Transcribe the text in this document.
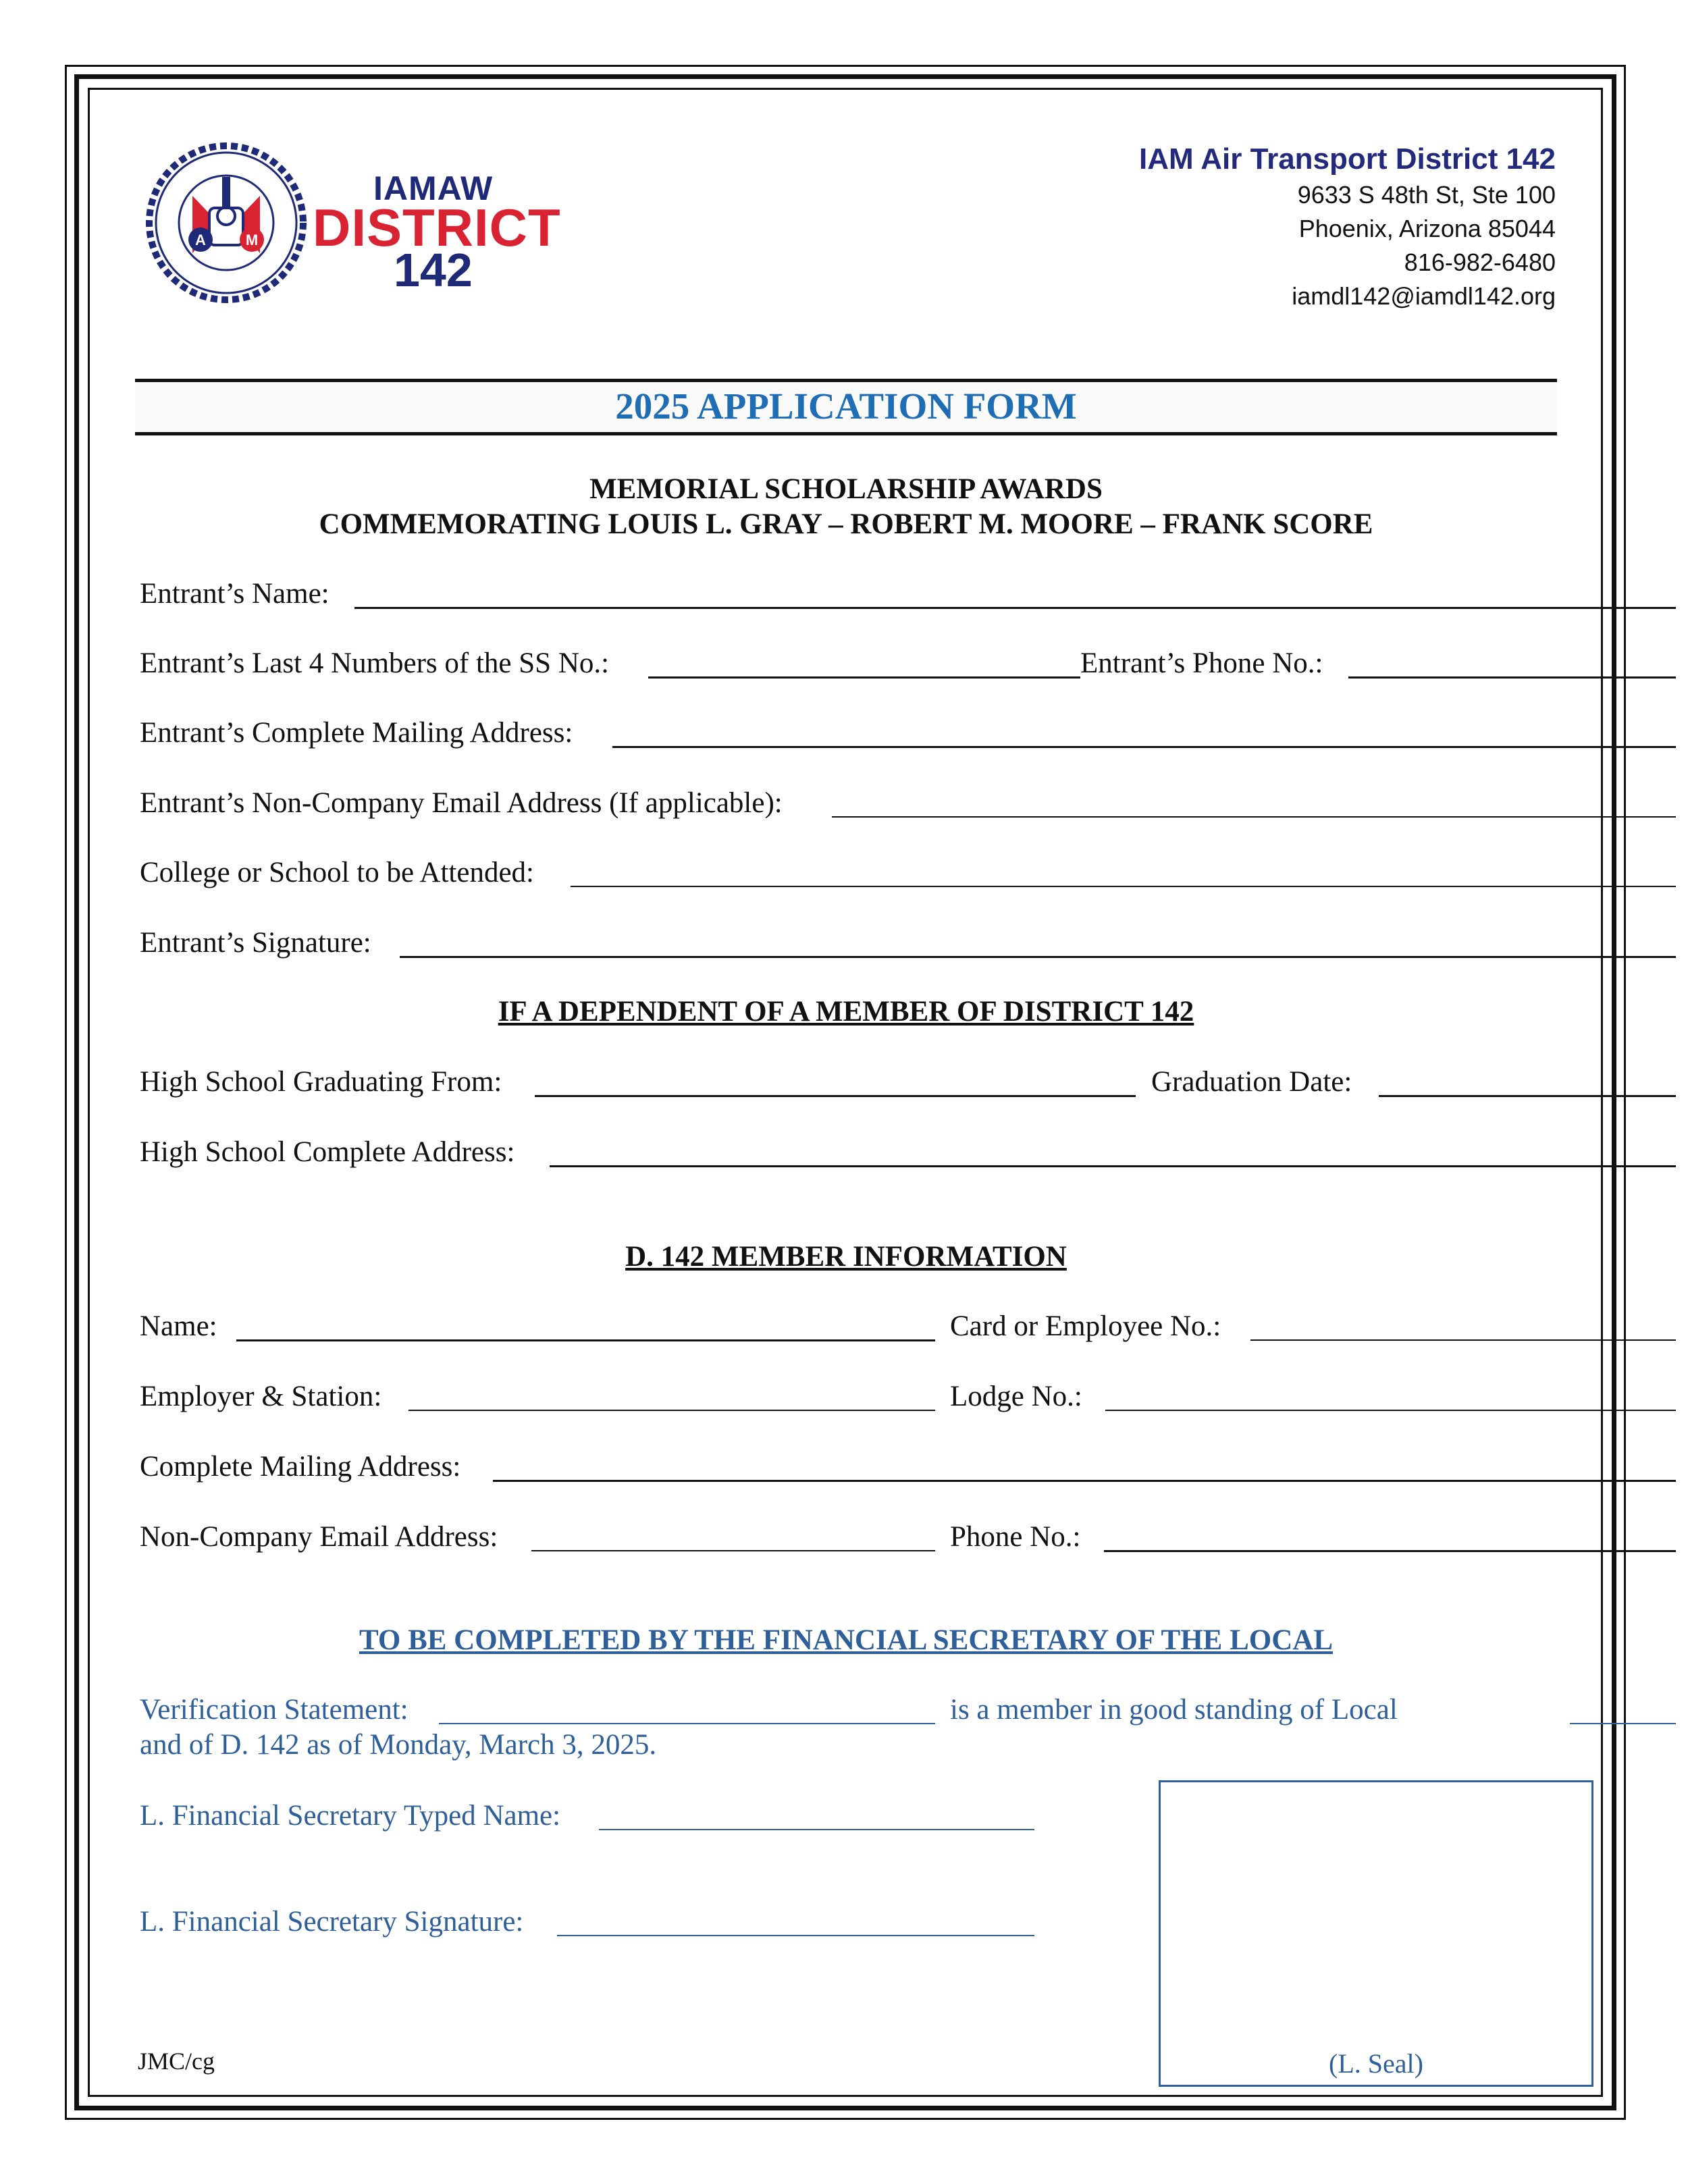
A	M
I	IAMAW
DISTRICT
142
IAM Air Transport District 142
9633 S 48th St, Ste 100
Phoenix, Arizona 85044
816-982-6480
iamdl142@iamdl142.org
2025 APPLICATION FORM
MEMORIAL SCHOLARSHIP AWARDS
COMMEMORATING LOUIS L. GRAY – ROBERT M. MOORE – FRANK SCORE
Entrant’s Name:
Entrant’s Last 4 Numbers of the SS No.:	Entrant’s Phone No.:
Entrant’s Complete Mailing Address:
Entrant’s Non-Company Email Address (If applicable):
College or School to be Attended:
Entrant’s Signature:
IF A DEPENDENT OF A MEMBER OF DISTRICT 142
High School Graduating From:	Graduation Date:
High School Complete Address:
D. 142 MEMBER INFORMATION
Name:	Card or Employee No.:
Employer & Station:	Lodge No.:
Complete Mailing Address:
Non-Company Email Address:	Phone No.:
TO BE COMPLETED BY THE FINANCIAL SECRETARY OF THE LOCAL
Verification Statement:	is a member in good standing of Local
and of D. 142 as of Monday, March 3, 2025.
L. Financial Secretary Typed Name:
L. Financial Secretary Signature:
(L. Seal)
JMC/cg
